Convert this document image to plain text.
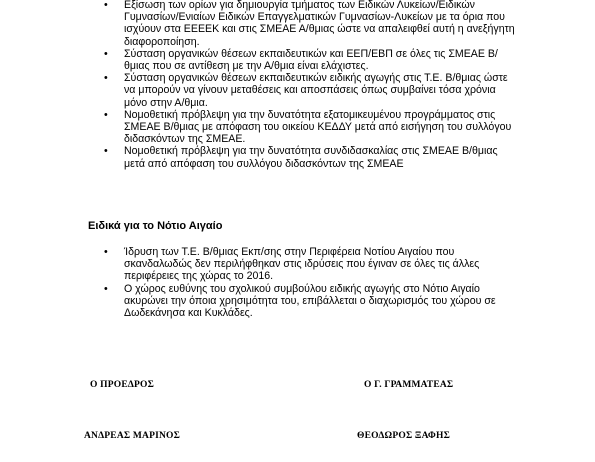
• Εξίσωση των ορίων για δημιουργία τμήματος των Ειδικών Λυκείων/Ειδικών Γυμνασίων/Ενιαίων Ειδικών Επαγγελματικών Γυμνασίων-Λυκείων με τα όρια που ισχύουν στα ΕΕΕΕΚ και στις ΣΜΕΑΕ Α/θμιας ώστε να απαλειφθεί αυτή η ανεξήγητη διαφοροποίηση.
• Σύσταση οργανικών θέσεων εκπαιδευτικών και ΕΕΠ/ΕΒΠ σε όλες τις ΣΜΕΑΕ Β/θμιας που σε αντίθεση με την Α/θμια είναι ελάχιστες.
• Σύσταση οργανικών θέσεων εκπαιδευτικών ειδικής αγωγής στις Τ.Ε. Β/θμιας ώστε να μπορούν να γίνουν μεταθέσεις και αποσπάσεις όπως συμβαίνει τόσα χρόνια μόνο στην Α/θμια.
• Νομοθετική πρόβλεψη για την δυνατότητα εξατομικευμένου προγράμματος στις ΣΜΕΑΕ Β/θμιας με απόφαση του οικείου ΚΕΔΔΥ μετά από εισήγηση του συλλόγου διδασκόντων της ΣΜΕΑΕ.
• Νομοθετική πρόβλεψη για την δυνατότητα συνδιδασκαλίας στις ΣΜΕΑΕ Β/θμιας μετά από απόφαση του συλλόγου διδασκόντων της ΣΜΕΑΕ
Ειδικά για το Νότιο Αιγαίο
• Ίδρυση των Τ.Ε. Β/θμιας Εκπ/σης στην Περιφέρεια Νοτίου Αιγαίου που σκανδαλωδώς δεν περιλήφθηκαν στις ιδρύσεις που έγιναν σε όλες τις άλλες περιφέρειες της χώρας το 2016.
• Ο χώρος ευθύνης του σχολικού συμβούλου ειδικής αγωγής στο Νότιο Αιγαίο ακυρώνει την όποια χρησιμότητα του, επιβάλλεται ο διαχωρισμός του χώρου σε Δωδεκάνησα και Κυκλάδες.
Ο ΠΡΟΕΔΡΟΣ	Ο Γ. ΓΡΑΜΜΑΤΕΑΣ
ΑΝΔΡΕΑΣ ΜΑΡΙΝΟΣ	ΘΕΟΔΩΡΟΣ ΞΑΦΗΣ
